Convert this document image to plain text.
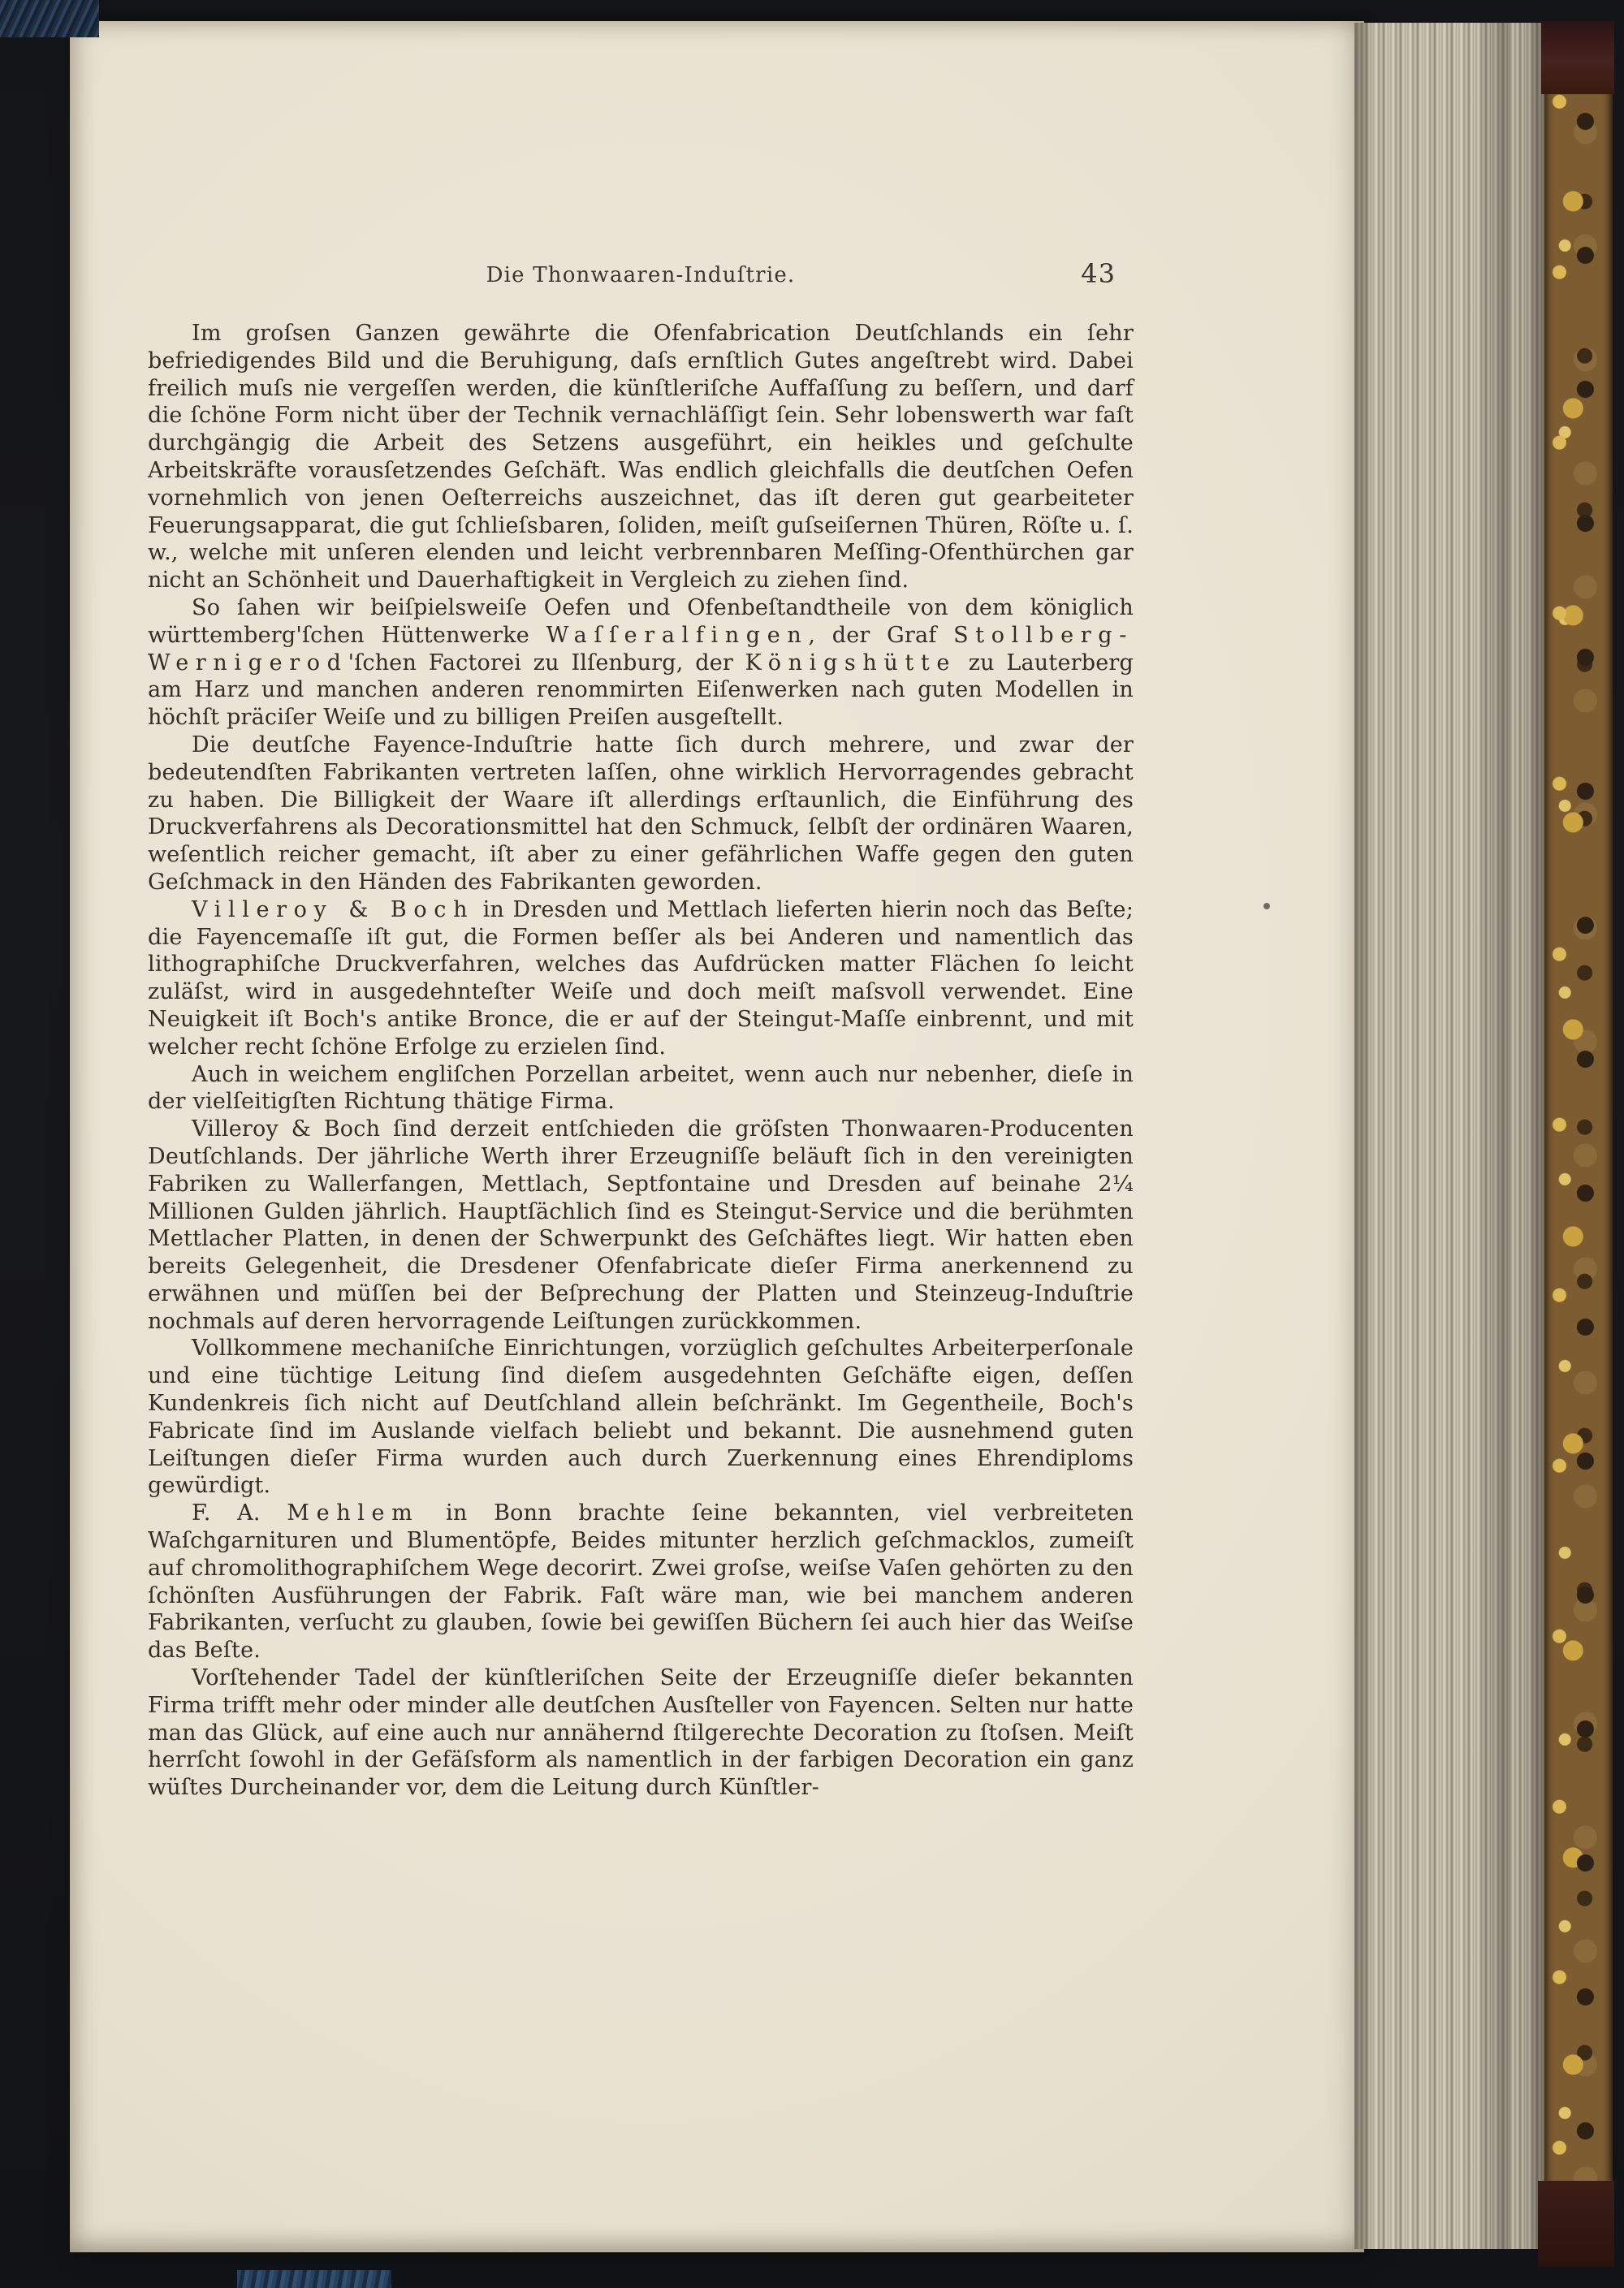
Die Thonwaaren-Induſtrie.	43

Im groſsen Ganzen gewährte die Ofenfabrication Deutſchlands ein ſehr befriedigendes Bild und die Beruhigung, daſs ernſtlich Gutes angeſtrebt wird. Dabei freilich muſs nie vergeſſen werden, die künſtleriſche Auffaſſung zu beſſern, und darf die ſchöne Form nicht über der Technik vernachläſſigt ſein. Sehr lobenswerth war faſt durchgängig die Arbeit des Setzens ausgeführt, ein heikles und geſchulte Arbeitskräfte vorausſetzendes Geſchäft. Was endlich gleichfalls die deutſchen Oefen vornehmlich von jenen Oeſterreichs auszeichnet, das iſt deren gut gearbeiteter Feuerungsapparat, die gut ſchlieſsbaren, ſoliden, meiſt guſseiſernen Thüren, Röſte u. ſ. w., welche mit unſeren elenden und leicht verbrennbaren Meſſing-Ofenthürchen gar nicht an Schönheit und Dauerhaftigkeit in Vergleich zu ziehen ſind.

So ſahen wir beiſpielsweiſe Oefen und Ofenbeſtandtheile von dem königlich württemberg'ſchen Hüttenwerke Waſſeralfingen, der Graf Stollberg-Wernigerod'ſchen Factorei zu Ilſenburg, der Königshütte zu Lauterberg am Harz und manchen anderen renommirten Eiſenwerken nach guten Modellen in höchſt präciſer Weiſe und zu billigen Preiſen ausgeſtellt.

Die deutſche Fayence-Induſtrie hatte ſich durch mehrere, und zwar der bedeutendſten Fabrikanten vertreten laſſen, ohne wirklich Hervorragendes gebracht zu haben. Die Billigkeit der Waare iſt allerdings erſtaunlich, die Einführung des Druckverfahrens als Decorationsmittel hat den Schmuck, ſelbſt der ordinären Waaren, weſentlich reicher gemacht, iſt aber zu einer gefährlichen Waffe gegen den guten Geſchmack in den Händen des Fabrikanten geworden.

Villeroy & Boch in Dresden und Mettlach lieferten hierin noch das Beſte; die Fayencemaſſe iſt gut, die Formen beſſer als bei Anderen und namentlich das lithographiſche Druckverfahren, welches das Aufdrücken matter Flächen ſo leicht zuläſst, wird in ausgedehnteſter Weiſe und doch meiſt maſsvoll verwendet. Eine Neuigkeit iſt Boch's antike Bronce, die er auf der Steingut-Maſſe einbrennt, und mit welcher recht ſchöne Erfolge zu erzielen ſind.

Auch in weichem engliſchen Porzellan arbeitet, wenn auch nur nebenher, dieſe in der vielſeitigſten Richtung thätige Firma.

Villeroy & Boch ſind derzeit entſchieden die gröſsten Thonwaaren-Producenten Deutſchlands. Der jährliche Werth ihrer Erzeugniſſe beläuft ſich in den vereinigten Fabriken zu Wallerfangen, Mettlach, Septfontaine und Dresden auf beinahe 2¼ Millionen Gulden jährlich. Hauptſächlich ſind es Steingut-Service und die berühmten Mettlacher Platten, in denen der Schwerpunkt des Geſchäftes liegt. Wir hatten eben bereits Gelegenheit, die Dresdener Ofenfabricate dieſer Firma anerkennend zu erwähnen und müſſen bei der Beſprechung der Platten und Steinzeug-Induſtrie nochmals auf deren hervorragende Leiſtungen zurückkommen.

Vollkommene mechaniſche Einrichtungen, vorzüglich geſchultes Arbeiterperſonale und eine tüchtige Leitung ſind dieſem ausgedehnten Geſchäfte eigen, deſſen Kundenkreis ſich nicht auf Deutſchland allein beſchränkt. Im Gegentheile, Boch's Fabricate ſind im Auslande vielfach beliebt und bekannt. Die ausnehmend guten Leiſtungen dieſer Firma wurden auch durch Zuerkennung eines Ehrendiploms gewürdigt.

F. A. Mehlem in Bonn brachte ſeine bekannten, viel verbreiteten Waſchgarnituren und Blumentöpfe, Beides mitunter herzlich geſchmacklos, zumeiſt auf chromolithographiſchem Wege decorirt. Zwei groſse, weiſse Vaſen gehörten zu den ſchönſten Ausführungen der Fabrik. Faſt wäre man, wie bei manchem anderen Fabrikanten, verſucht zu glauben, ſowie bei gewiſſen Büchern ſei auch hier das Weiſse das Beſte.

Vorſtehender Tadel der künſtleriſchen Seite der Erzeugniſſe dieſer bekannten Firma trifft mehr oder minder alle deutſchen Ausſteller von Fayencen. Selten nur hatte man das Glück, auf eine auch nur annähernd ſtilgerechte Decoration zu ſtoſsen. Meiſt herrſcht ſowohl in der Gefäſsform als namentlich in der farbigen Decoration ein ganz wüſtes Durcheinander vor, dem die Leitung durch Künſtler-
